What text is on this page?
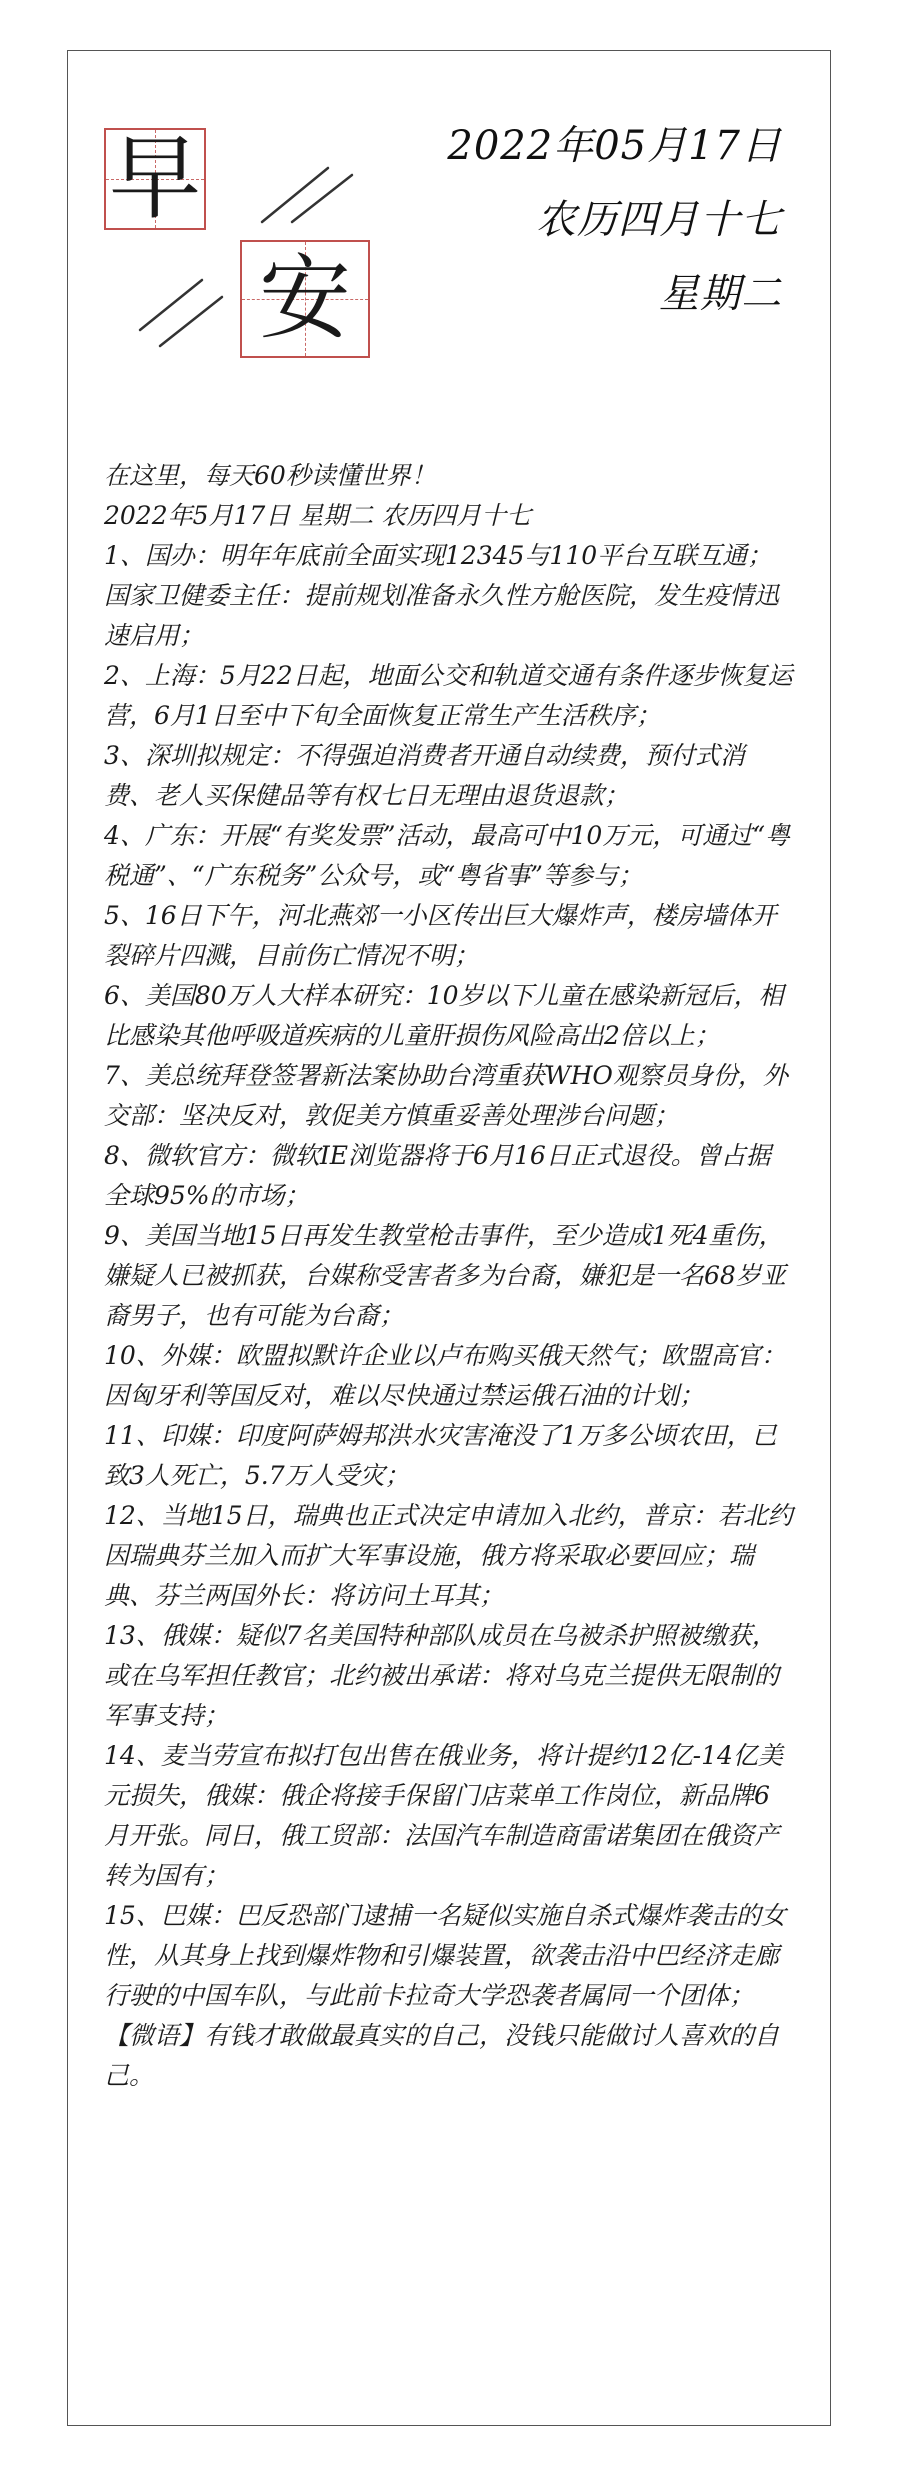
早
安
2022年05月17日
农历四月十七
星期二

在这里，每天60秒读懂世界！

2022年5月17日 星期二 农历四月十七

1、国办：明年年底前全面实现12345与110平台互联互通；国家卫健委主任：提前规划准备永久性方舱医院，发生疫情迅速启用；

2、上海：5月22日起，地面公交和轨道交通有条件逐步恢复运营，6月1日至中下旬全面恢复正常生产生活秩序；

3、深圳拟规定：不得强迫消费者开通自动续费，预付式消费、老人买保健品等有权七日无理由退货退款；

4、广东：开展“有奖发票”活动，最高可中10万元，可通过“粤税通”、“广东税务”公众号，或“粤省事”等参与；

5、16日下午，河北燕郊一小区传出巨大爆炸声，楼房墙体开裂碎片四溅，目前伤亡情况不明；

6、美国80万人大样本研究：10岁以下儿童在感染新冠后，相比感染其他呼吸道疾病的儿童肝损伤风险高出2倍以上；

7、美总统拜登签署新法案协助台湾重获WHO观察员身份，外交部：坚决反对，敦促美方慎重妥善处理涉台问题；

8、微软官方：微软IE浏览器将于6月16日正式退役。曾占据全球95%的市场；

9、美国当地15日再发生教堂枪击事件，至少造成1死4重伤，嫌疑人已被抓获，台媒称受害者多为台裔，嫌犯是一名68岁亚裔男子，也有可能为台裔；

10、外媒：欧盟拟默许企业以卢布购买俄天然气；欧盟高官：因匈牙利等国反对，难以尽快通过禁运俄石油的计划；

11、印媒：印度阿萨姆邦洪水灾害淹没了1万多公顷农田，已致3人死亡，5.7万人受灾；

12、当地15日，瑞典也正式决定申请加入北约，普京：若北约因瑞典芬兰加入而扩大军事设施，俄方将采取必要回应；瑞典、芬兰两国外长：将访问土耳其；

13、俄媒：疑似7名美国特种部队成员在乌被杀护照被缴获，或在乌军担任教官；北约被出承诺：将对乌克兰提供无限制的军事支持；

14、麦当劳宣布拟打包出售在俄业务，将计提约12亿-14亿美元损失，俄媒：俄企将接手保留门店菜单工作岗位，新品牌6月开张。同日，俄工贸部：法国汽车制造商雷诺集团在俄资产转为国有；

15、巴媒：巴反恐部门逮捕一名疑似实施自杀式爆炸袭击的女性，从其身上找到爆炸物和引爆装置，欲袭击沿中巴经济走廊行驶的中国车队，与此前卡拉奇大学恐袭者属同一个团体；

【微语】有钱才敢做最真实的自己，没钱只能做讨人喜欢的自己。
